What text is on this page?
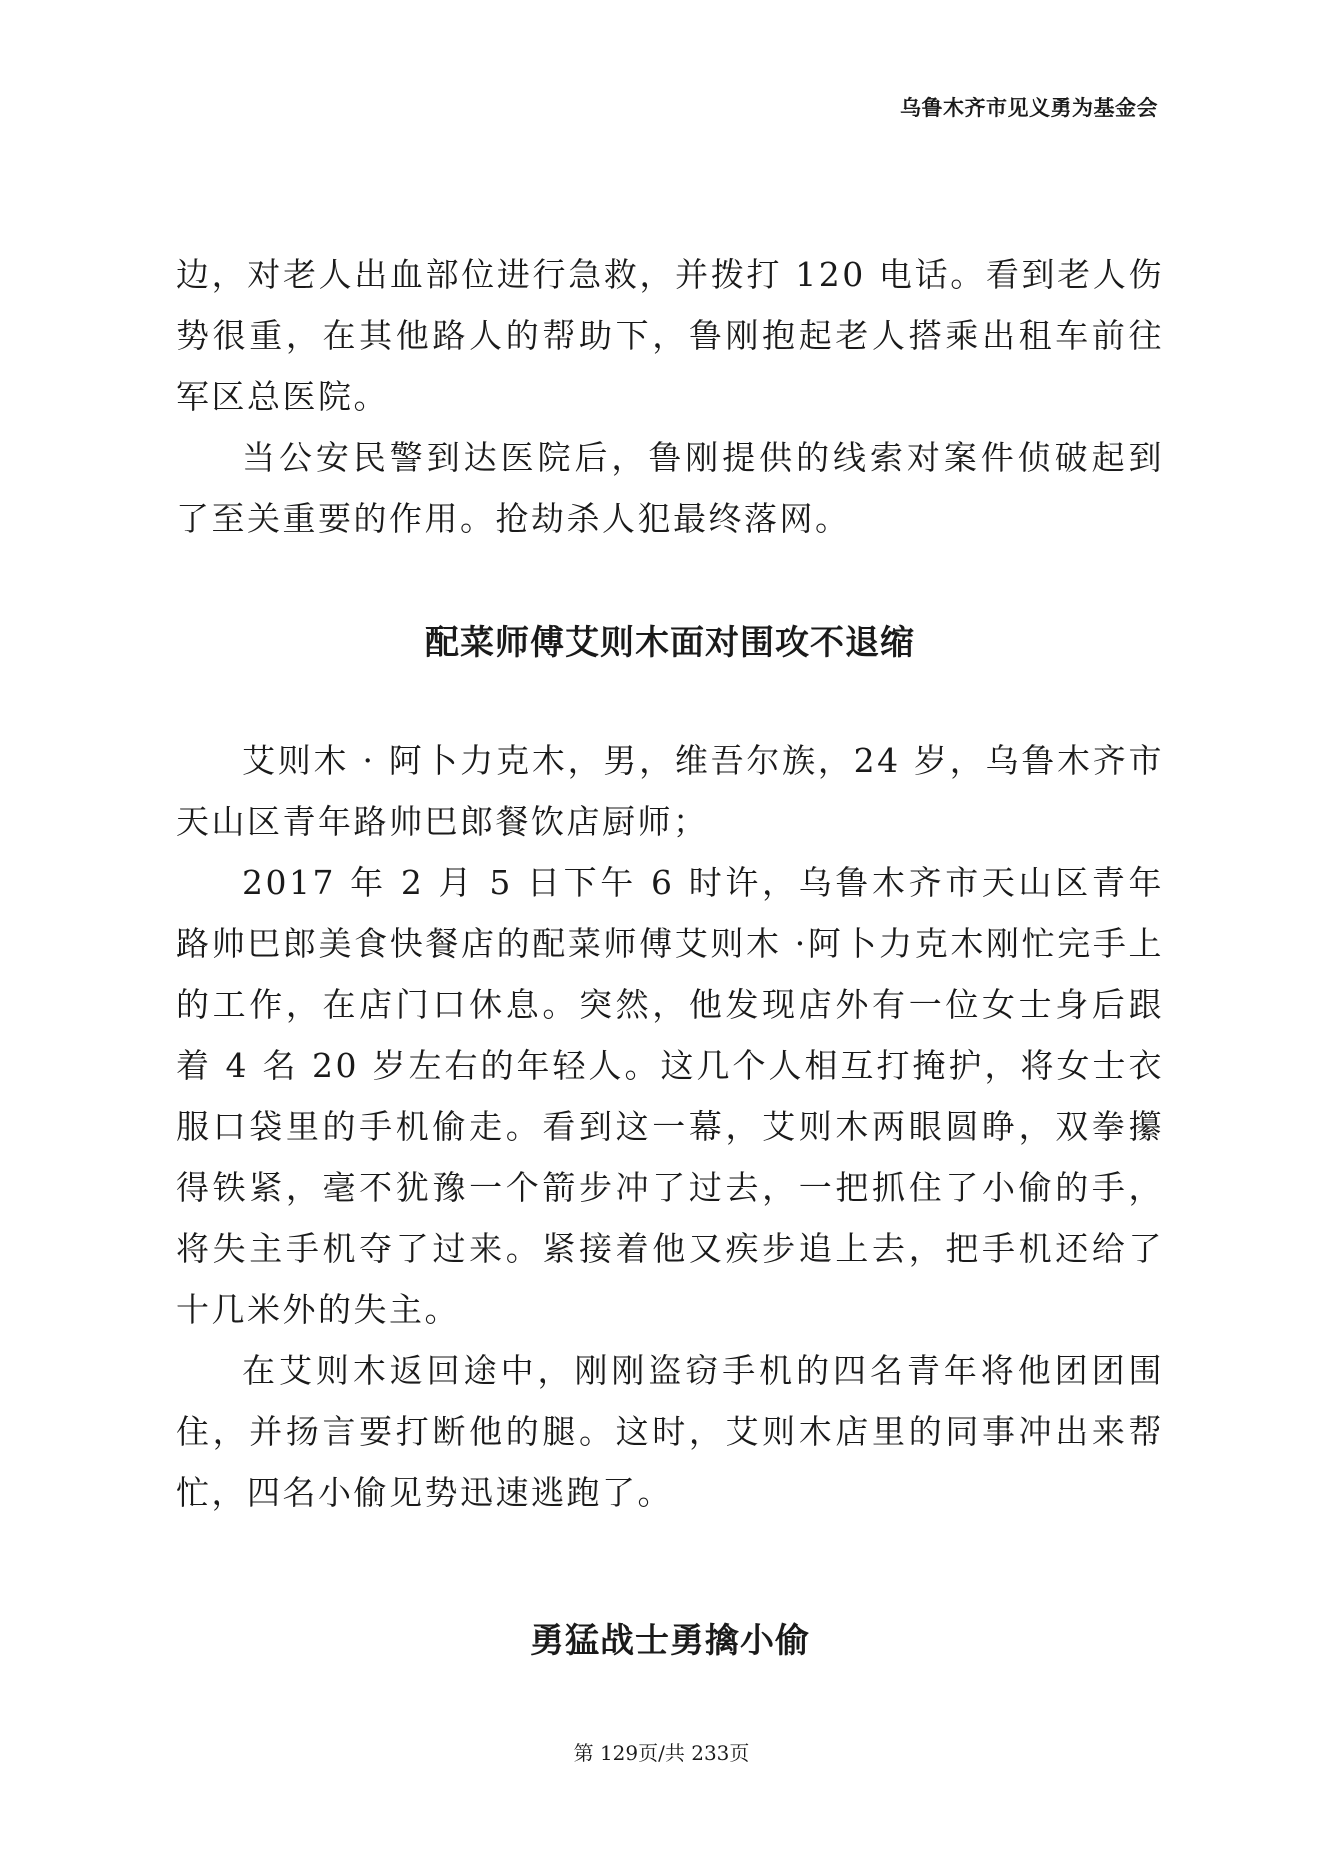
乌鲁木齐市见义勇为基金会

边，对老人出血部位进行急救，并拨打 120 电话。看到老人伤势很重，在其他路人的帮助下，鲁刚抱起老人搭乘出租车前往军区总医院。

当公安民警到达医院后，鲁刚提供的线索对案件侦破起到了至关重要的作用。抢劫杀人犯最终落网。

配菜师傅艾则木面对围攻不退缩

艾则木 · 阿卜力克木，男，维吾尔族，24 岁，乌鲁木齐市天山区青年路帅巴郎餐饮店厨师；

2017 年 2 月 5 日下午 6 时许，乌鲁木齐市天山区青年路帅巴郎美食快餐店的配菜师傅艾则木 ·阿卜力克木刚忙完手上的工作，在店门口休息。突然，他发现店外有一位女士身后跟着 4 名 20 岁左右的年轻人。这几个人相互打掩护，将女士衣服口袋里的手机偷走。看到这一幕，艾则木两眼圆睁，双拳攥得铁紧，毫不犹豫一个箭步冲了过去，一把抓住了小偷的手，将失主手机夺了过来。紧接着他又疾步追上去，把手机还给了十几米外的失主。

在艾则木返回途中，刚刚盗窃手机的四名青年将他团团围住，并扬言要打断他的腿。这时，艾则木店里的同事冲出来帮忙，四名小偷见势迅速逃跑了。

勇猛战士勇擒小偷
第 129页/共 233页
